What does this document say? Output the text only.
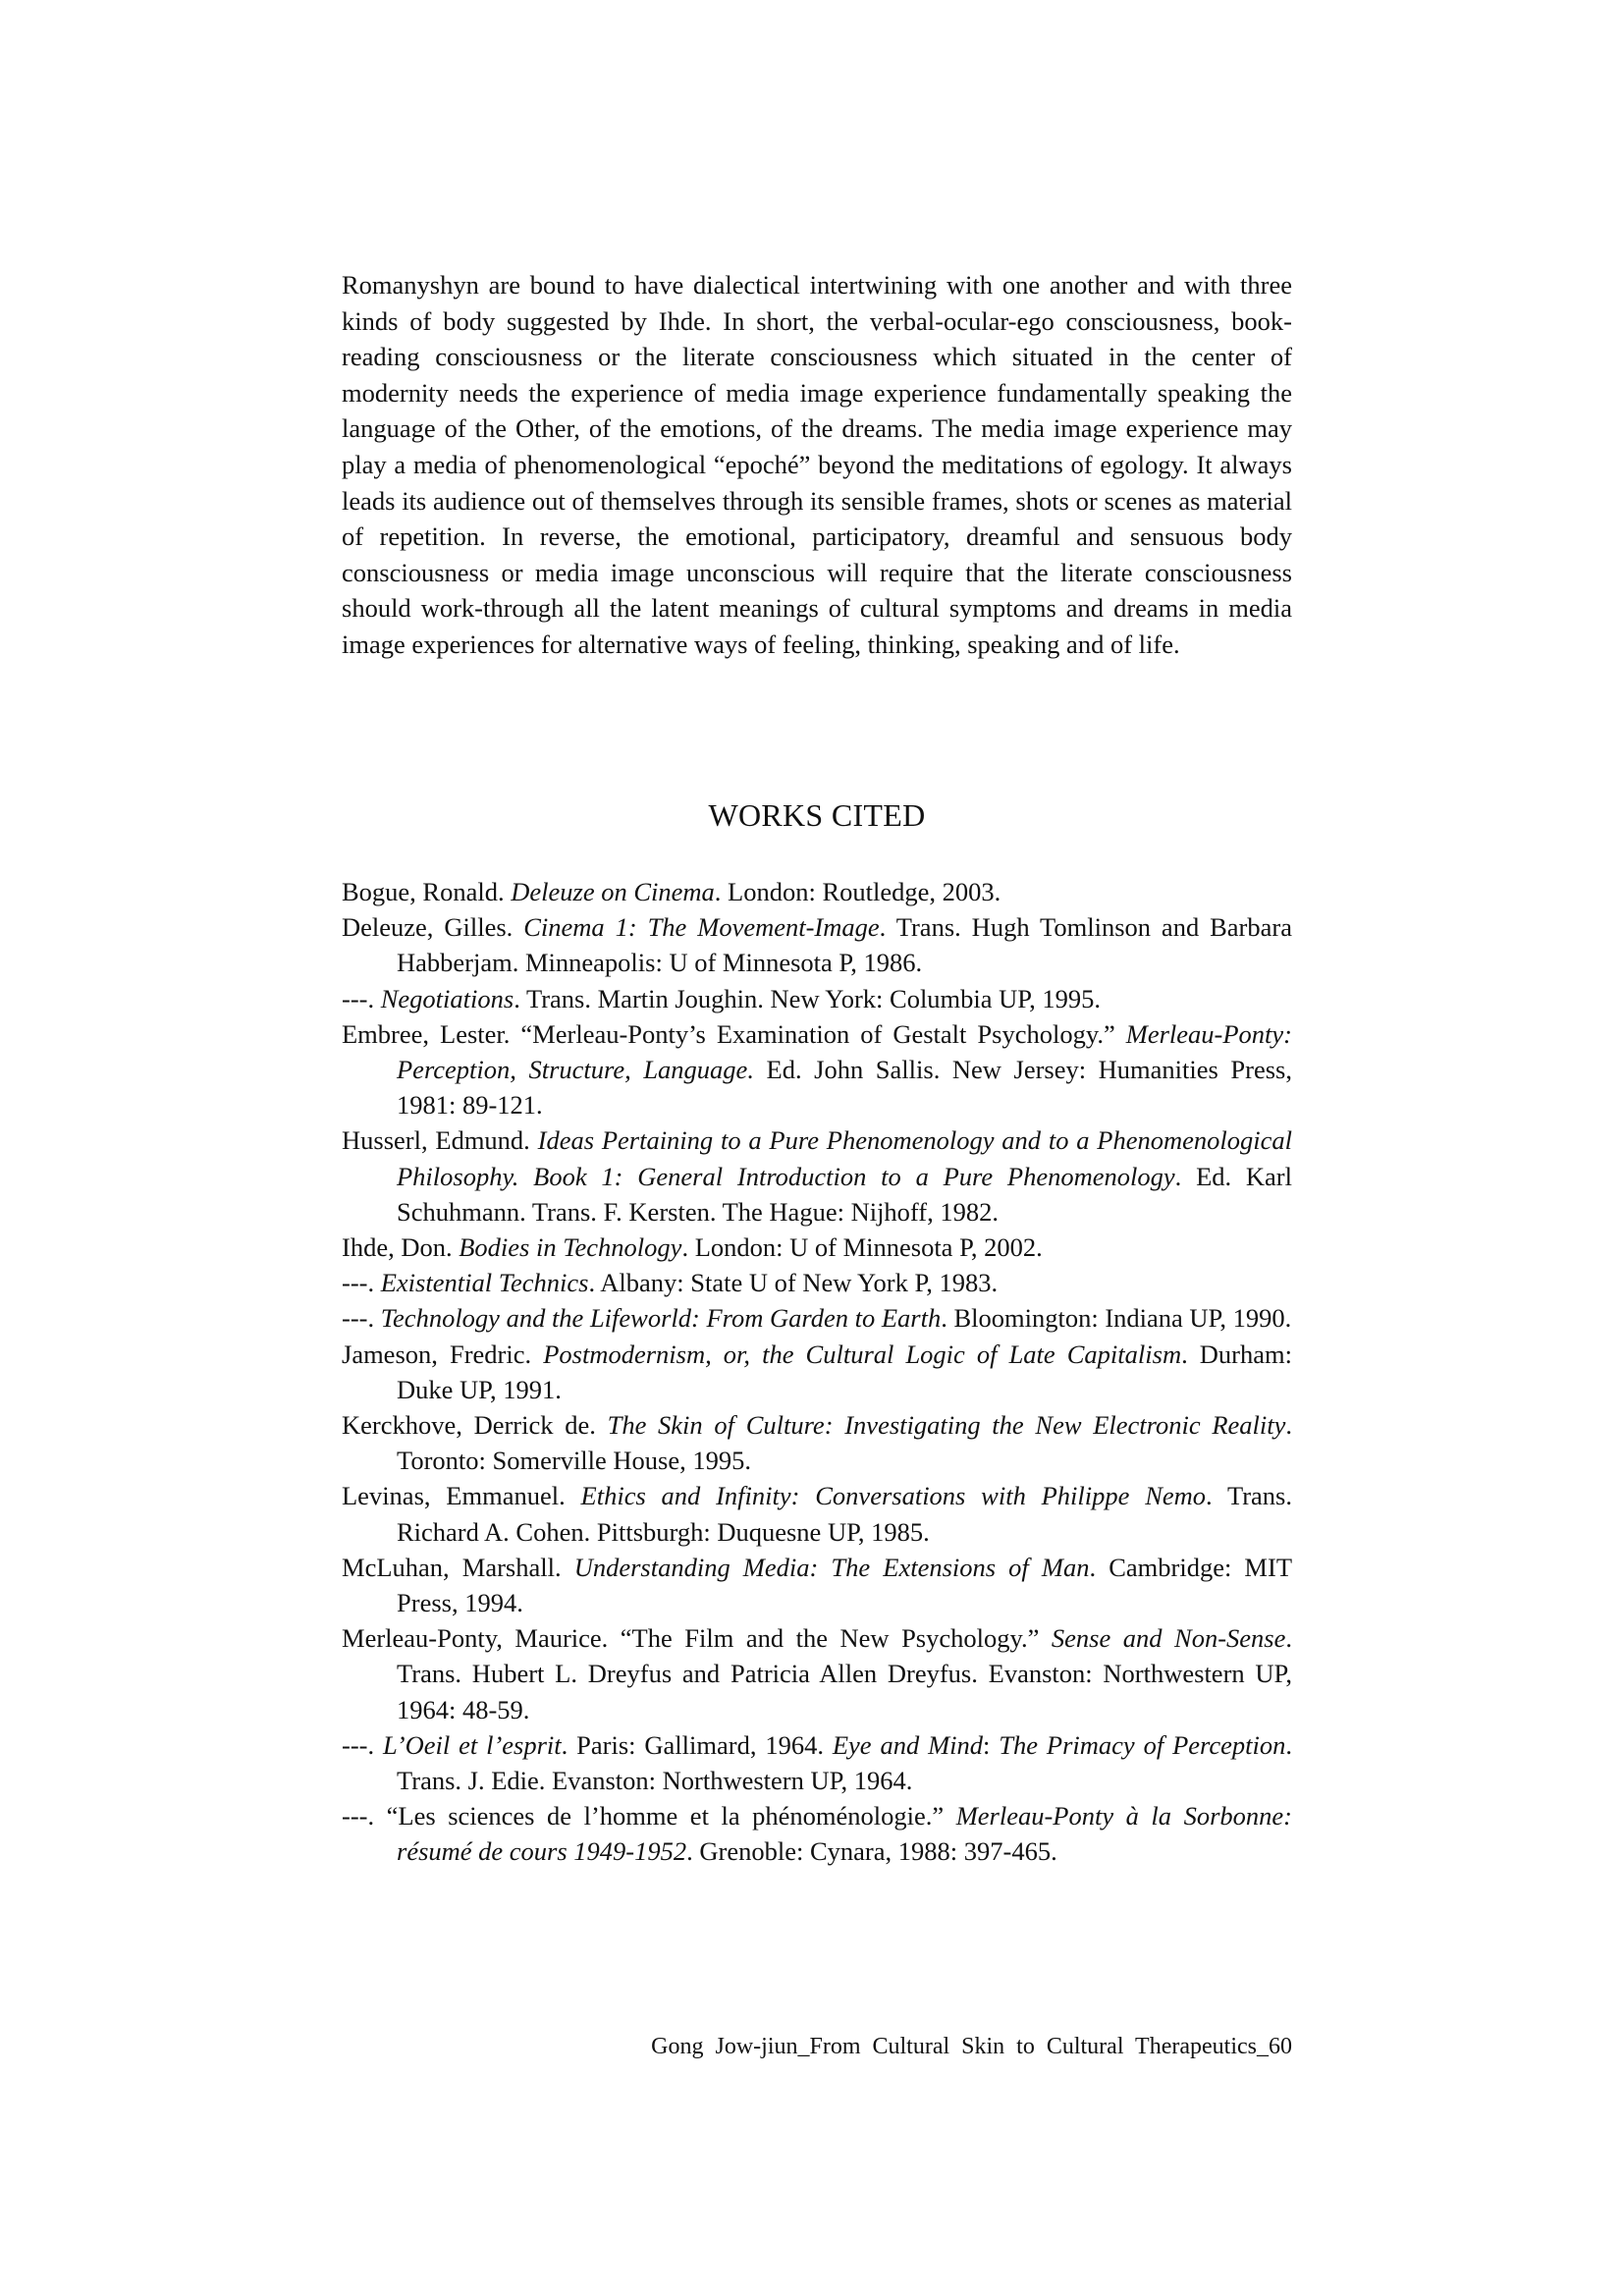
Romanyshyn are bound to have dialectical intertwining with one another and with three kinds of body suggested by Ihde. In short, the verbal-ocular-ego consciousness, book-reading consciousness or the literate consciousness which situated in the center of modernity needs the experience of media image experience fundamentally speaking the language of the Other, of the emotions, of the dreams. The media image experience may play a media of phenomenological “epoché” beyond the meditations of egology. It always leads its audience out of themselves through its sensible frames, shots or scenes as material of repetition. In reverse, the emotional, participatory, dreamful and sensuous body consciousness or media image unconscious will require that the literate consciousness should work-through all the latent meanings of cultural symptoms and dreams in media image experiences for alternative ways of feeling, thinking, speaking and of life.

WORKS CITED
Bogue, Ronald. Deleuze on Cinema. London: Routledge, 2003.
Deleuze, Gilles. Cinema 1: The Movement-Image. Trans. Hugh Tomlinson and Barbara Habberjam. Minneapolis: U of Minnesota P, 1986.
---. Negotiations. Trans. Martin Joughin. New York: Columbia UP, 1995.
Embree, Lester. “Merleau-Ponty’s Examination of Gestalt Psychology.” Merleau-Ponty: Perception, Structure, Language. Ed. John Sallis. New Jersey: Humanities Press, 1981: 89-121.
Husserl, Edmund. Ideas Pertaining to a Pure Phenomenology and to a Phenomenological Philosophy. Book 1: General Introduction to a Pure Phenomenology. Ed. Karl Schuhmann. Trans. F. Kersten. The Hague: Nijhoff, 1982.
Ihde, Don. Bodies in Technology. London: U of Minnesota P, 2002.
---. Existential Technics. Albany: State U of New York P, 1983.
---. Technology and the Lifeworld: From Garden to Earth. Bloomington: Indiana UP, 1990.
Jameson, Fredric. Postmodernism, or, the Cultural Logic of Late Capitalism. Durham: Duke UP, 1991.
Kerckhove, Derrick de. The Skin of Culture: Investigating the New Electronic Reality. Toronto: Somerville House, 1995.
Levinas, Emmanuel. Ethics and Infinity: Conversations with Philippe Nemo. Trans. Richard A. Cohen. Pittsburgh: Duquesne UP, 1985.
McLuhan, Marshall. Understanding Media: The Extensions of Man. Cambridge: MIT Press, 1994.
Merleau-Ponty, Maurice. “The Film and the New Psychology.” Sense and Non-Sense. Trans. Hubert L. Dreyfus and Patricia Allen Dreyfus. Evanston: Northwestern UP, 1964: 48-59.
---. L’Oeil et l’esprit. Paris: Gallimard, 1964. Eye and Mind: The Primacy of Perception. Trans. J. Edie. Evanston: Northwestern UP, 1964.
---. “Les sciences de l’homme et la phénoménologie.” Merleau-Ponty à la Sorbonne: résumé de cours 1949-1952. Grenoble: Cynara, 1988: 397-465.
Gong Jow-jiun_From Cultural Skin to Cultural Therapeutics_60
